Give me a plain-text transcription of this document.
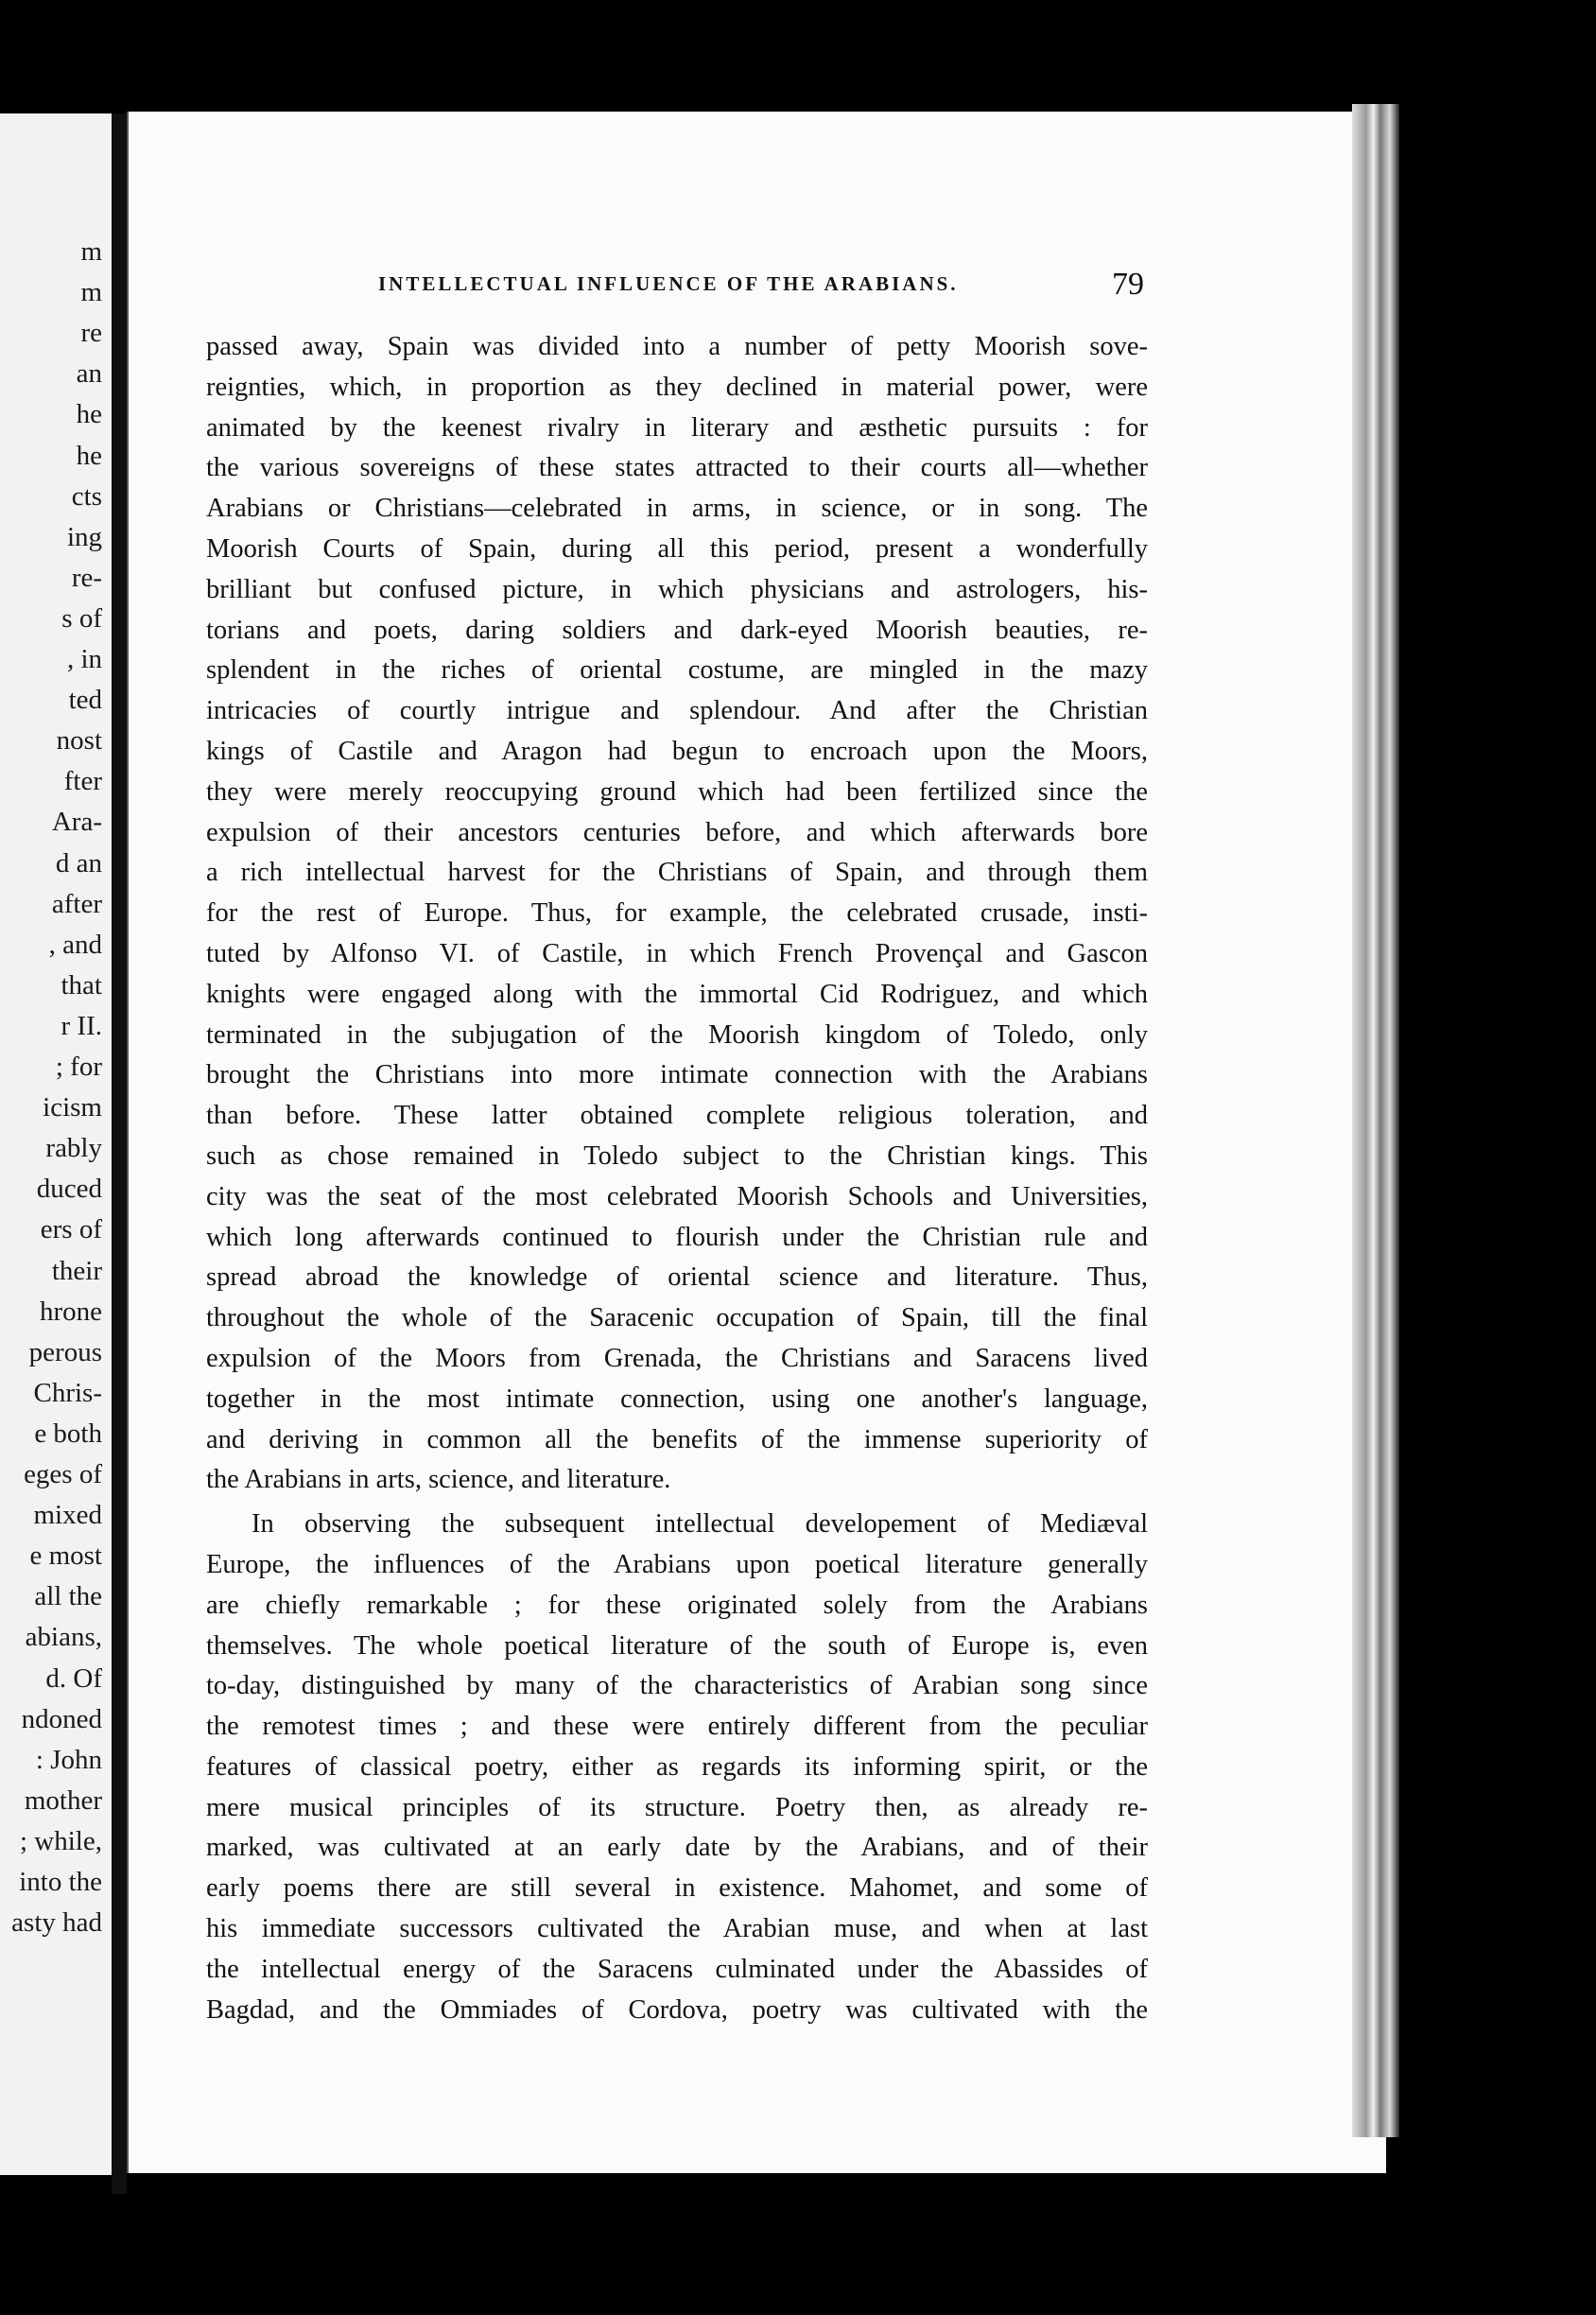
m
m
re
an
he
he
cts
ing
re-
s of
, in
ted
nost
fter
Ara-
d an
after
, and
that
r II.
; for
icism
rably
duced
ers of
their
hrone
perous
Chris-
e both
eges of
mixed
e most
all the
abians,
d. Of
ndoned
: John
mother
; while,
into the
asty had
INTELLECTUAL INFLUENCE OF THE ARABIANS.	79
passed away, Spain was divided into a number of petty Moorish sove-
reignties, which, in proportion as they declined in material power, were
animated by the keenest rivalry in literary and æsthetic pursuits : for
the various sovereigns of these states attracted to their courts all—whether
Arabians or Christians—celebrated in arms, in science, or in song. The
Moorish Courts of Spain, during all this period, present a wonderfully
brilliant but confused picture, in which physicians and astrologers, his-
torians and poets, daring soldiers and dark-eyed Moorish beauties, re-
splendent in the riches of oriental costume, are mingled in the mazy
intricacies of courtly intrigue and splendour. And after the Christian
kings of Castile and Aragon had begun to encroach upon the Moors,
they were merely reoccupying ground which had been fertilized since the
expulsion of their ancestors centuries before, and which afterwards bore
a rich intellectual harvest for the Christians of Spain, and through them
for the rest of Europe. Thus, for example, the celebrated crusade, insti-
tuted by Alfonso VI. of Castile, in which French Provençal and Gascon
knights were engaged along with the immortal Cid Rodriguez, and which
terminated in the subjugation of the Moorish kingdom of Toledo, only
brought the Christians into more intimate connection with the Arabians
than before. These latter obtained complete religious toleration, and
such as chose remained in Toledo subject to the Christian kings. This
city was the seat of the most celebrated Moorish Schools and Universities,
which long afterwards continued to flourish under the Christian rule and
spread abroad the knowledge of oriental science and literature. Thus,
throughout the whole of the Saracenic occupation of Spain, till the final
expulsion of the Moors from Grenada, the Christians and Saracens lived
together in the most intimate connection, using one another's language,
and deriving in common all the benefits of the immense superiority of
the Arabians in arts, science, and literature.
In observing the subsequent intellectual developement of Mediæval
Europe, the influences of the Arabians upon poetical literature generally
are chiefly remarkable ; for these originated solely from the Arabians
themselves. The whole poetical literature of the south of Europe is, even
to-day, distinguished by many of the characteristics of Arabian song since
the remotest times ; and these were entirely different from the peculiar
features of classical poetry, either as regards its informing spirit, or the
mere musical principles of its structure. Poetry then, as already re-
marked, was cultivated at an early date by the Arabians, and of their
early poems there are still several in existence. Mahomet, and some of
his immediate successors cultivated the Arabian muse, and when at last
the intellectual energy of the Saracens culminated under the Abassides of
Bagdad, and the Ommiades of Cordova, poetry was cultivated with the
